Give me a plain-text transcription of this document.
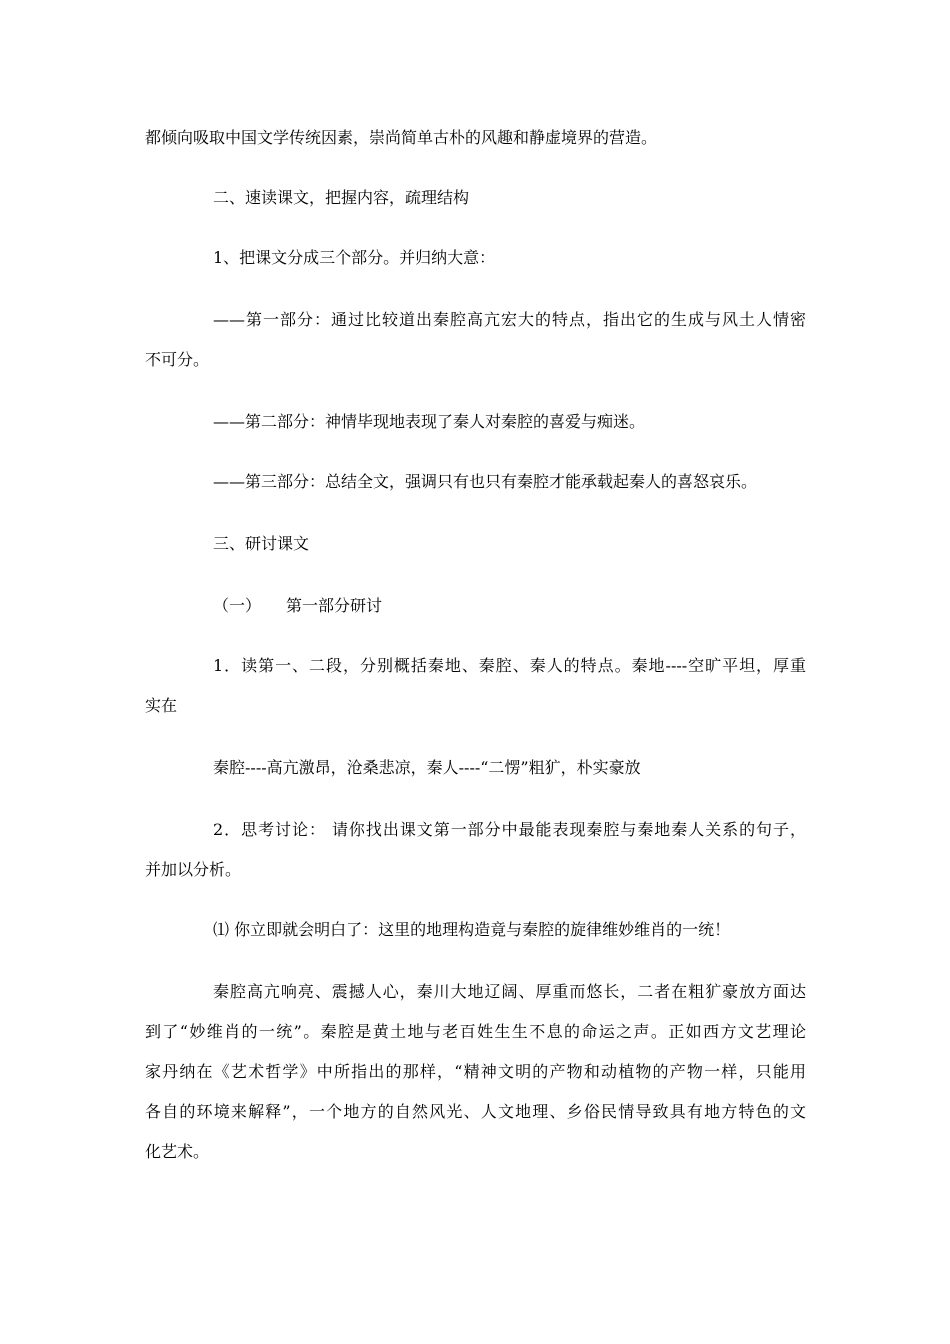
都倾向吸取中国文学传统因素，崇尚简单古朴的风趣和静虚境界的营造。
二、速读课文，把握内容，疏理结构
1、把课文分成三个部分。并归纳大意：
——第一部分：通过比较道出秦腔高亢宏大的特点，指出它的生成与风土人情密
不可分。
——第二部分：神情毕现地表现了秦人对秦腔的喜爱与痴迷。
——第三部分：总结全文，强调只有也只有秦腔才能承载起秦人的喜怒哀乐。
三、研讨课文
（一） 第一部分研讨
1．读第一、二段，分别概括秦地、秦腔、秦人的特点。秦地----空旷平坦，厚重
实在
秦腔----高亢激昂，沧桑悲凉，秦人----“二愣”粗犷，朴实豪放
2．思考讨论： 请你找出课文第一部分中最能表现秦腔与秦地秦人关系的句子，
并加以分析。
⑴ 你立即就会明白了：这里的地理构造竟与秦腔的旋律维妙维肖的一统！
秦腔高亢响亮、震撼人心，秦川大地辽阔、厚重而悠长，二者在粗犷豪放方面达
到了“妙维肖的一统”。秦腔是黄土地与老百姓生生不息的命运之声。正如西方文艺理论
家丹纳在《艺术哲学》中所指出的那样，“精神文明的产物和动植物的产物一样，只能用
各自的环境来解释”，一个地方的自然风光、人文地理、乡俗民情导致具有地方特色的文
化艺术。
